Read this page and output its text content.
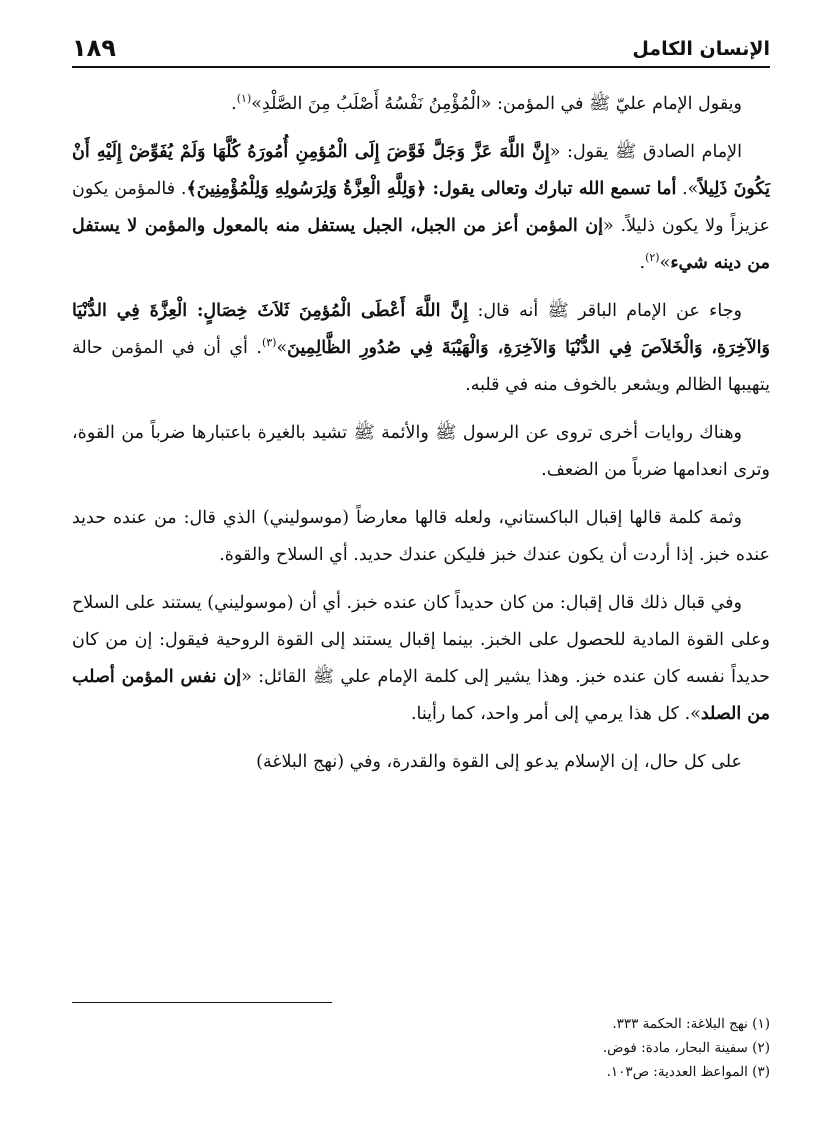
الإنسان الكامل
١٨٩

ويقول الإمام عليّ ﷺ في المؤمن: «الْمُؤْمِنُ نَفْسُهُ أَصْلَبُ مِنَ الصَّلْدِ»$^{(١)}$.

الإمام الصادق ﷺ يقول: «إِنَّ اللَّهَ عَزَّ وَجَلَّ فَوَّضَ إِلَى الْمُؤمِنِ أُمُورَهُ كُلَّهَا وَلَمْ يُفَوِّضْ إِلَيْهِ أَنْ يَكُونَ ذَلِيلاً». أما تسمع الله تبارك وتعالى يقول: ﴿وَلِلَّهِ الْعِزَّةُ وَلِرَسُولِهِ وَلِلْمُؤْمِنِينَ﴾. فالمؤمن يكون عزيزاً ولا يكون ذليلاً. «إن المؤمن أعز من الجبل، الجبل يستفل منه بالمعول والمؤمن لا يستفل من دينه شيء»$^{(٢)}$.

وجاء عن الإمام الباقر ﷺ أنه قال: إِنَّ اللَّهَ أَعْطَى الْمُؤمِنَ ثَلاَثَ خِصَالٍ: الْعِزَّةَ فِي الدُّنْيَا وَالآخِرَةِ، وَالْخَلاَصَ فِي الدُّنْيَا وَالآخِرَةِ، وَالْهَيْبَةَ فِي صُدُورِ الظَّالِمِينَ»$^{(٣)}$. أي أن في المؤمن حالة يتهيبها الظالم ويشعر بالخوف منه في قلبه.

وهناك روايات أخرى تروى عن الرسول ﷺ والأئمة ﷺ تشيد بالغيرة باعتبارها ضرباً من القوة، وترى انعدامها ضرباً من الضعف.

وثمة كلمة قالها إقبال الباكستاني، ولعله قالها معارضاً (موسوليني) الذي قال: من عنده حديد عنده خبز. إذا أردت أن يكون عندك خبز فليكن عندك حديد. أي السلاح والقوة.

وفي قبال ذلك قال إقبال: من كان حديداً كان عنده خبز. أي أن (موسوليني) يستند على السلاح وعلى القوة المادية للحصول على الخبز. بينما إقبال يستند إلى القوة الروحية فيقول: إن من كان حديداً نفسه كان عنده خبز. وهذا يشير إلى كلمة الإمام علي ﷺ القائل: «إن نفس المؤمن أصلب من الصلد». كل هذا يرمي إلى أمر واحد، كما رأينا.

على كل حال، إن الإسلام يدعو إلى القوة والقدرة، وفي (نهج البلاغة)

(١) نهج البلاغة: الحكمة ٣٣٣.
(٢) سفينة البحار، مادة: فوض.
(٣) المواعظ العددية: ص١٠٣.
